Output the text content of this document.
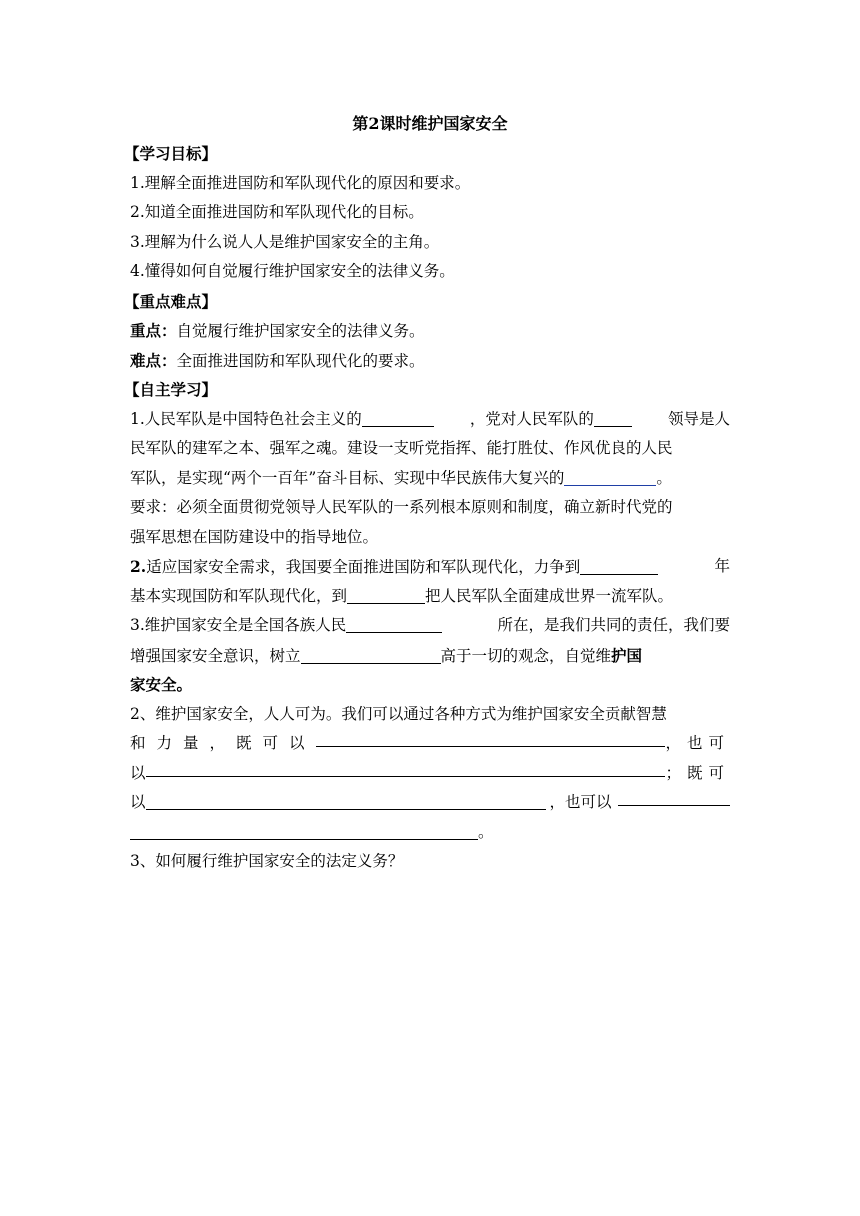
第2课时维护国家安全
【学习目标】
1.理解全面推进国防和军队现代化的原因和要求。
2.知道全面推进国防和军队现代化的目标。
3.理解为什么说人人是维护国家安全的主角。
4.懂得如何自觉履行维护国家安全的法律义务。
【重点难点】
重点：自觉履行维护国家安全的法律义务。
难点：全面推进国防和军队现代化的要求。
【自主学习】
1.人民军队是中国特色社会主义的	，党对人民军队的	领导是人
民军队的建军之本、强军之魂。建设一支听党指挥、能打胜仗、作风优良的人民
军队，是实现“两个一百年”奋斗目标、实现中华民族伟大复兴的	。
要求：必须全面贯彻党领导人民军队的一系列根本原则和制度，确立新时代党的
强军思想在国防建设中的指导地位。
2.适应国家安全需求，我国要全面推进国防和军队现代化，力争到	年
基本实现国防和军队现代化，到	把人民军队全面建成世界一流军队。
3.维护国家安全是全国各族人民	所在，是我们共同的责任，我们要
增强国家安全意识，树立	高于一切的观念，自觉维护国
家安全。
2、维护国家安全，人人可为。我们可以通过各种方式为维护国家安全贡献智慧
和力量，既可以	，也可
以	；既可
以	，也可以
。
3、如何履行维护国家安全的法定义务？
